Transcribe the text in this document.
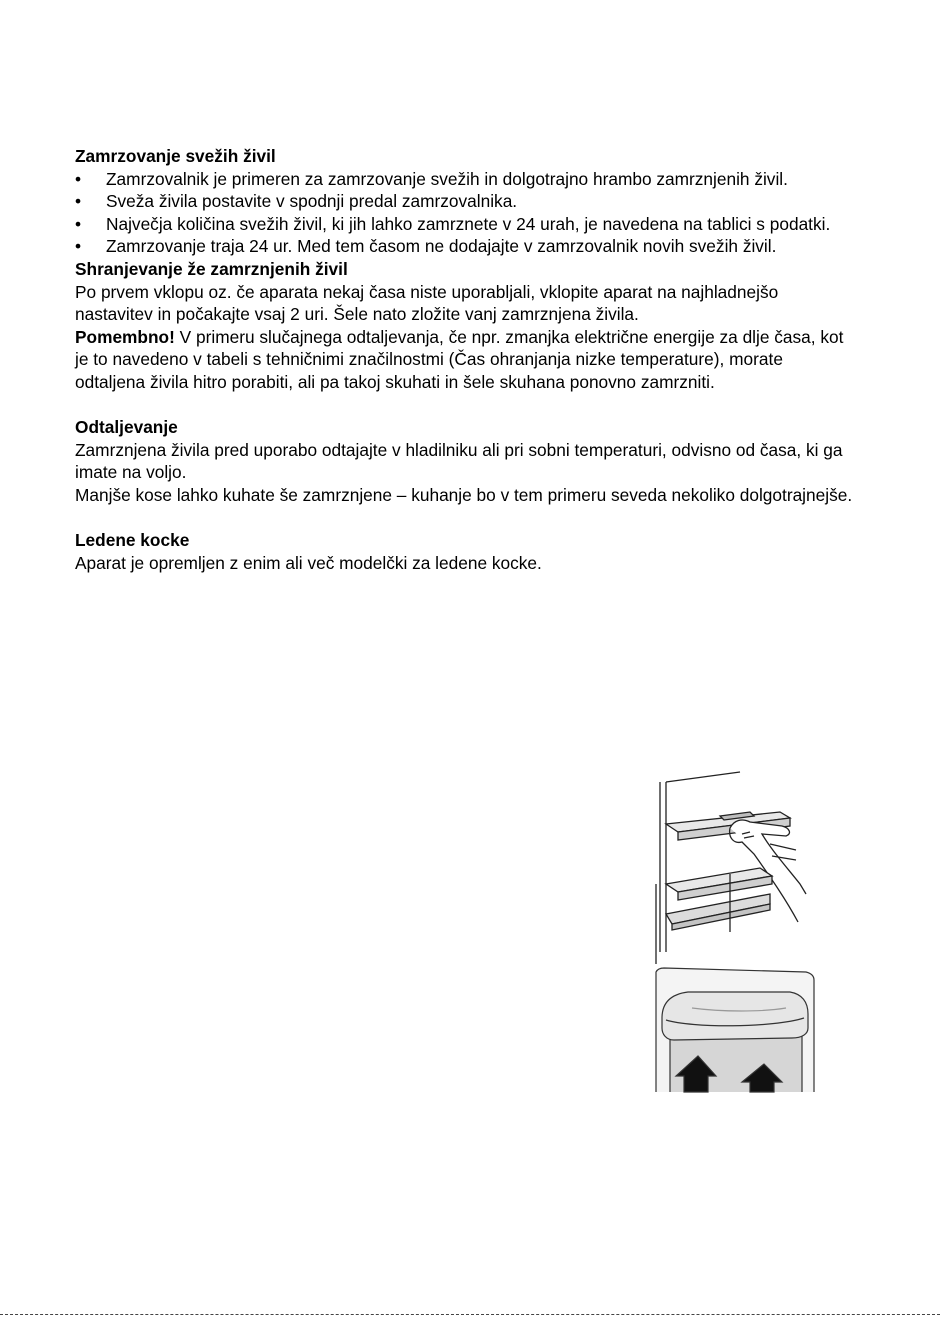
Zamrzovanje svežih živil
• Zamrzovalnik je primeren za zamrzovanje svežih in dolgotrajno hrambo zamrznjenih živil.
• Sveža živila postavite v spodnji predal zamrzovalnika.
• Največja količina svežih živil, ki jih lahko zamrznete v 24 urah, je navedena na tablici s podatki.
• Zamrzovanje traja 24 ur. Med tem časom ne dodajajte v zamrzovalnik novih svežih živil.
Shranjevanje že zamrznjenih živil

Po prvem vklopu oz. če aparata nekaj časa niste uporabljali, vklopite aparat na najhladnejšo nastavitev in počakajte vsaj 2 uri. Šele nato zložite vanj zamrznjena živila.

Pomembno! V primeru slučajnega odtaljevanja, če npr. zmanjka električne energije za dlje časa, kot je to navedeno v tabeli s tehničnimi značilnostmi (Čas ohranjanja nizke temperature), morate odtaljena živila hitro porabiti, ali pa takoj skuhati in šele skuhana ponovno zamrzniti.

Odtaljevanje

Zamrznjena živila pred uporabo odtajajte v hladilniku ali pri sobni temperaturi, odvisno od časa, ki ga imate na voljo.

Manjše kose lahko kuhate še zamrznjene – kuhanje bo v tem primeru seveda nekoliko dolgotrajnejše.

Ledene kocke

Aparat je opremljen z enim ali več modelčki za ledene kocke.
